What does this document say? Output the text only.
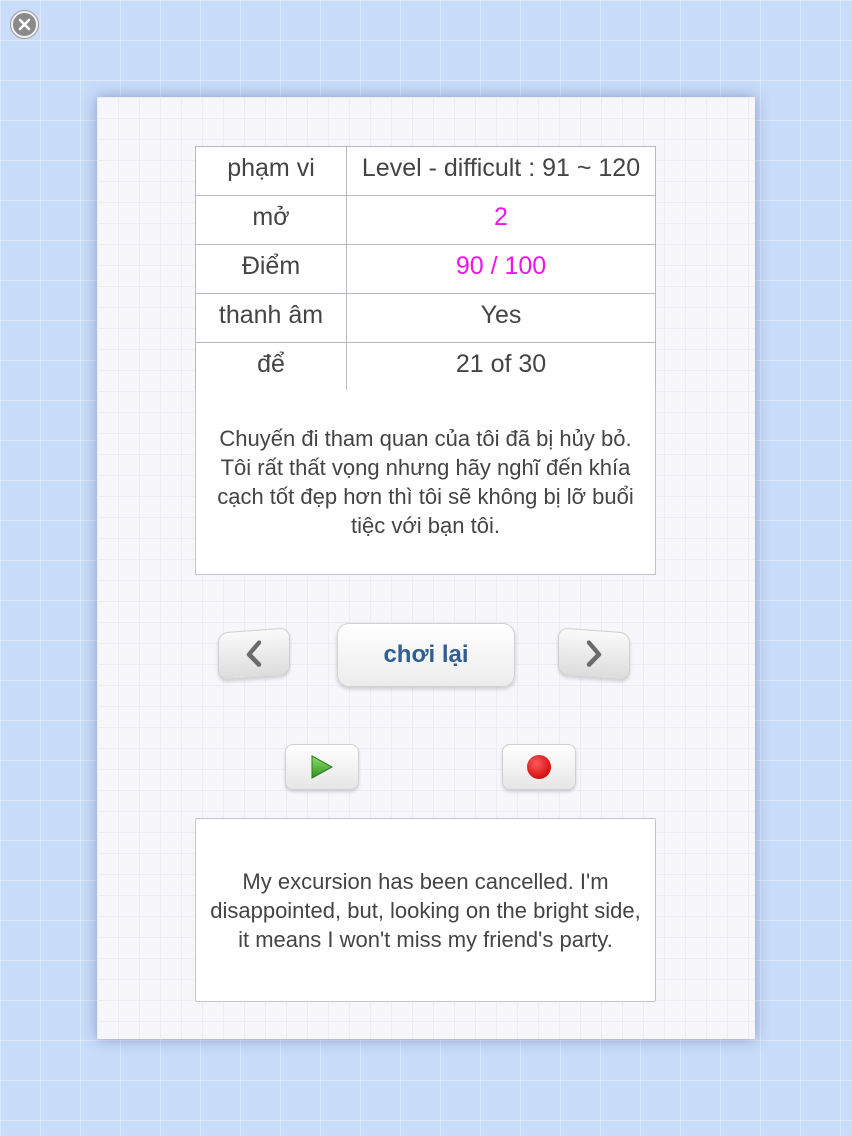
phạm vi	Level - difficult : 91 ~ 120
mở	2
Điểm	90 / 100
thanh âm	Yes
để	21 of 30

Chuyến đi tham quan của tôi đã bị hủy bỏ. Tôi rất thất vọng nhưng hãy nghĩ đến khía cạch tốt đẹp hơn thì tôi sẽ không bị lỡ buổi tiệc với bạn tôi.

chơi lại

My excursion has been cancelled. I'm disappointed, but, looking on the bright side, it means I won't miss my friend's party.
